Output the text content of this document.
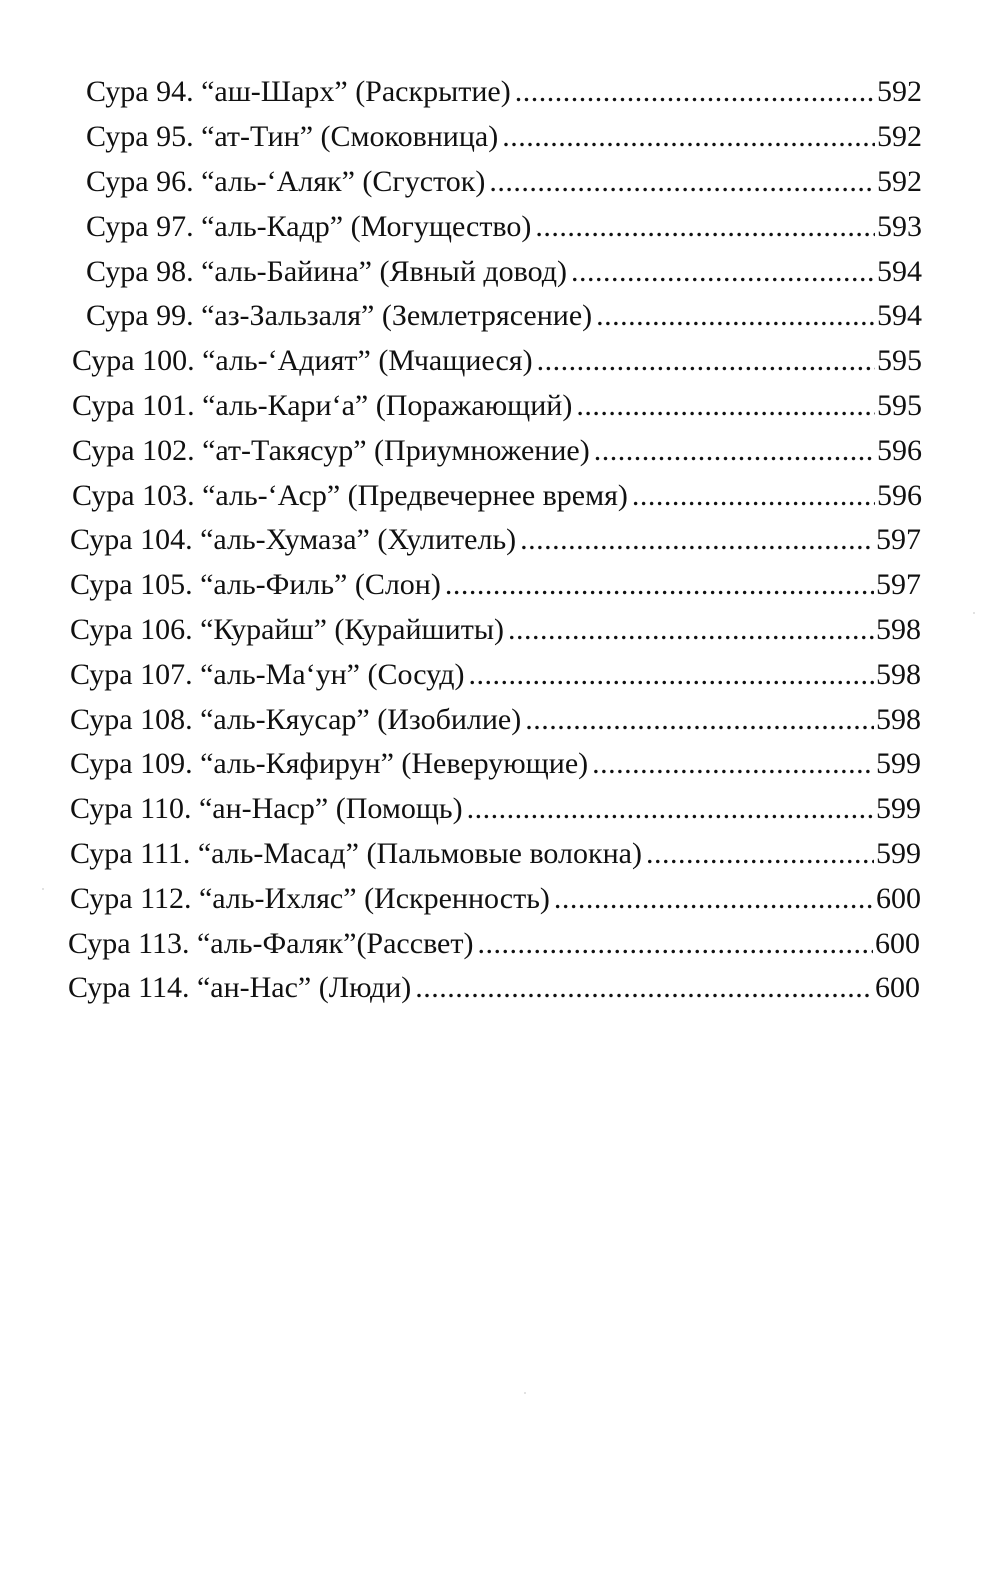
Сура 94. “аш-Шарх” (Раскрытие) .....	592
Сура 95. “ат-Тин” (Смоковница) .....	592
Сура 96. “аль-‘Аляк” (Сгусток) .....	592
Сура 97. “аль-Кадр” (Могущество) .....	593
Сура 98. “аль-Байина” (Явный довод) .....	594
Сура 99. “аз-Зальзаля” (Землетрясение) .....	594
Сура 100. “аль-‘Адият” (Мчащиеся) .....	595
Сура 101. “аль-Кари‘а” (Поражающий) .....	595
Сура 102. “ат-Такясур” (Приумножение) .....	596
Сура 103. “аль-‘Аср” (Предвечернее время) .....	596
Сура 104. “аль-Хумаза” (Хулитель) .....	597
Сура 105. “аль-Филь” (Слон) .....	597
Сура 106. “Курайш” (Курайшиты) .....	598
Сура 107. “аль-Ма‘ун” (Сосуд) .....	598
Сура 108. “аль-Кяусар” (Изобилие) .....	598
Сура 109. “аль-Кяфирун” (Неверующие) .....	599
Сура 110. “ан-Наср” (Помощь) .....	599
Сура 111. “аль-Масад” (Пальмовые волокна) .....	599
Сура 112. “аль-Ихляс” (Искренность) .....	600
Сура 113. “аль-Фаляк”(Рассвет) .....	600
Сура 114. “ан-Нас” (Люди) .....	600
